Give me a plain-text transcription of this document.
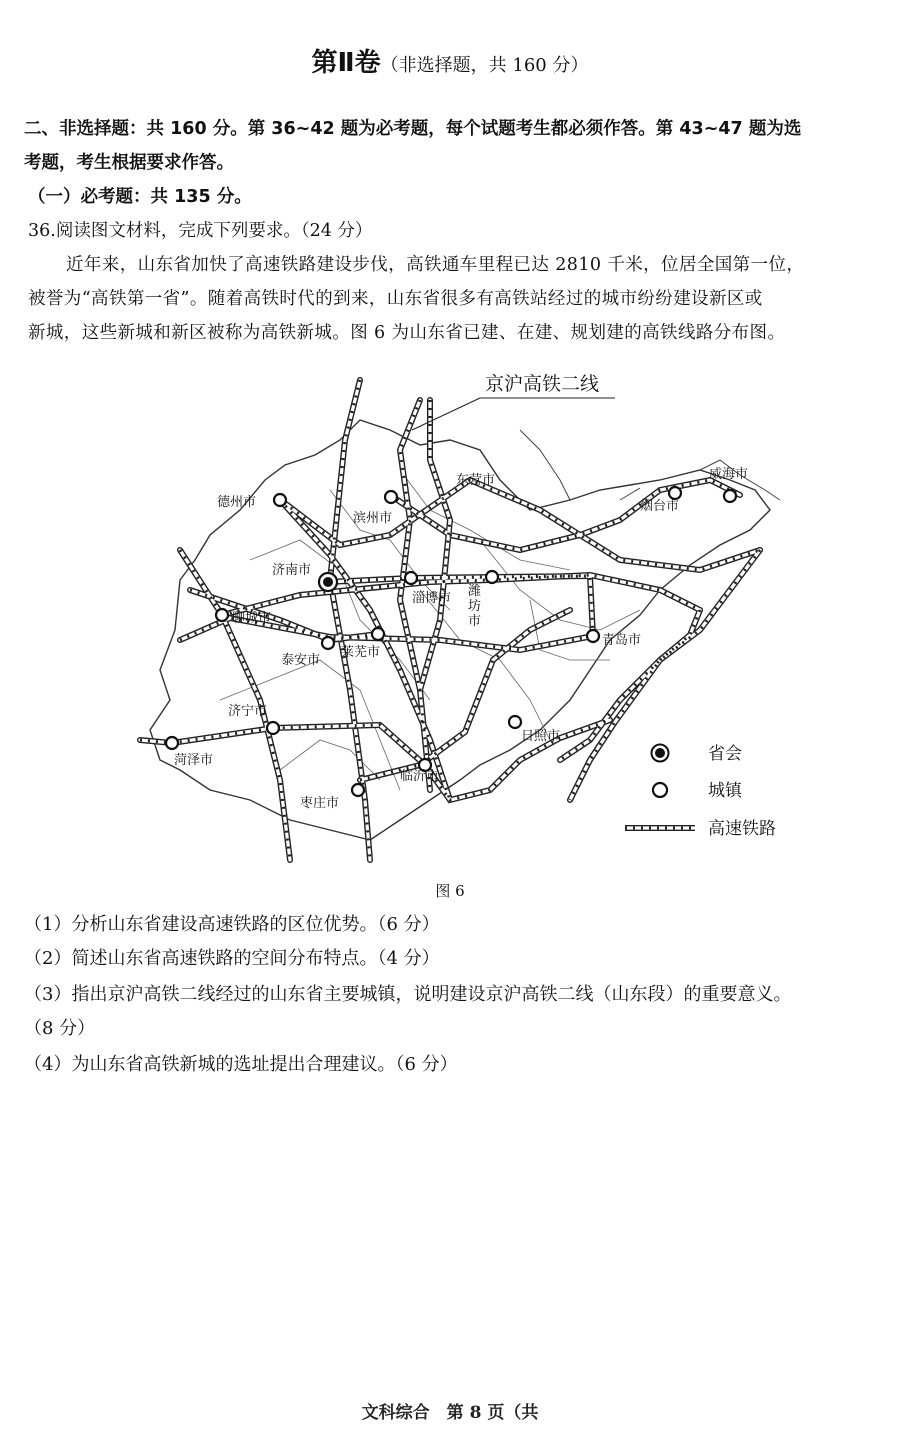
第Ⅱ卷（非选择题，共 160 分）
二、非选择题：共 160 分。第 36~42 题为必考题，每个试题考生都必须作答。第 43~47 题为选
考题，考生根据要求作答。
（一）必考题：共 135 分。
36.阅读图文材料，完成下列要求。（24 分）
近年来，山东省加快了高速铁路建设步伐，高铁通车里程已达 2810 千米，位居全国第一位，
被誉为“高铁第一省”。随着高铁时代的到来，山东省很多有高铁站经过的城市纷纷建设新区或
新城，这些新城和新区被称为高铁新城。图 6 为山东省已建、在建、规划建的高铁线路分布图。
京沪高铁二线
德州市
滨州市
东营市
烟台市
威海市
济南市
淄博市 潍
坊
市
聊城市
泰安市
莱芜市
青岛市
济宁市
日照市
菏泽市
临沂市
枣庄市
省会
城镇
高速铁路
图 6
（1）分析山东省建设高速铁路的区位优势。（6 分）
（2）简述山东省高速铁路的空间分布特点。（4 分）
（3）指出京沪高铁二线经过的山东省主要城镇，说明建设京沪高铁二线（山东段）的重要意义。
（8 分）
（4）为山东省高铁新城的选址提出合理建议。（6 分）
文科综合　第 8 页（共
